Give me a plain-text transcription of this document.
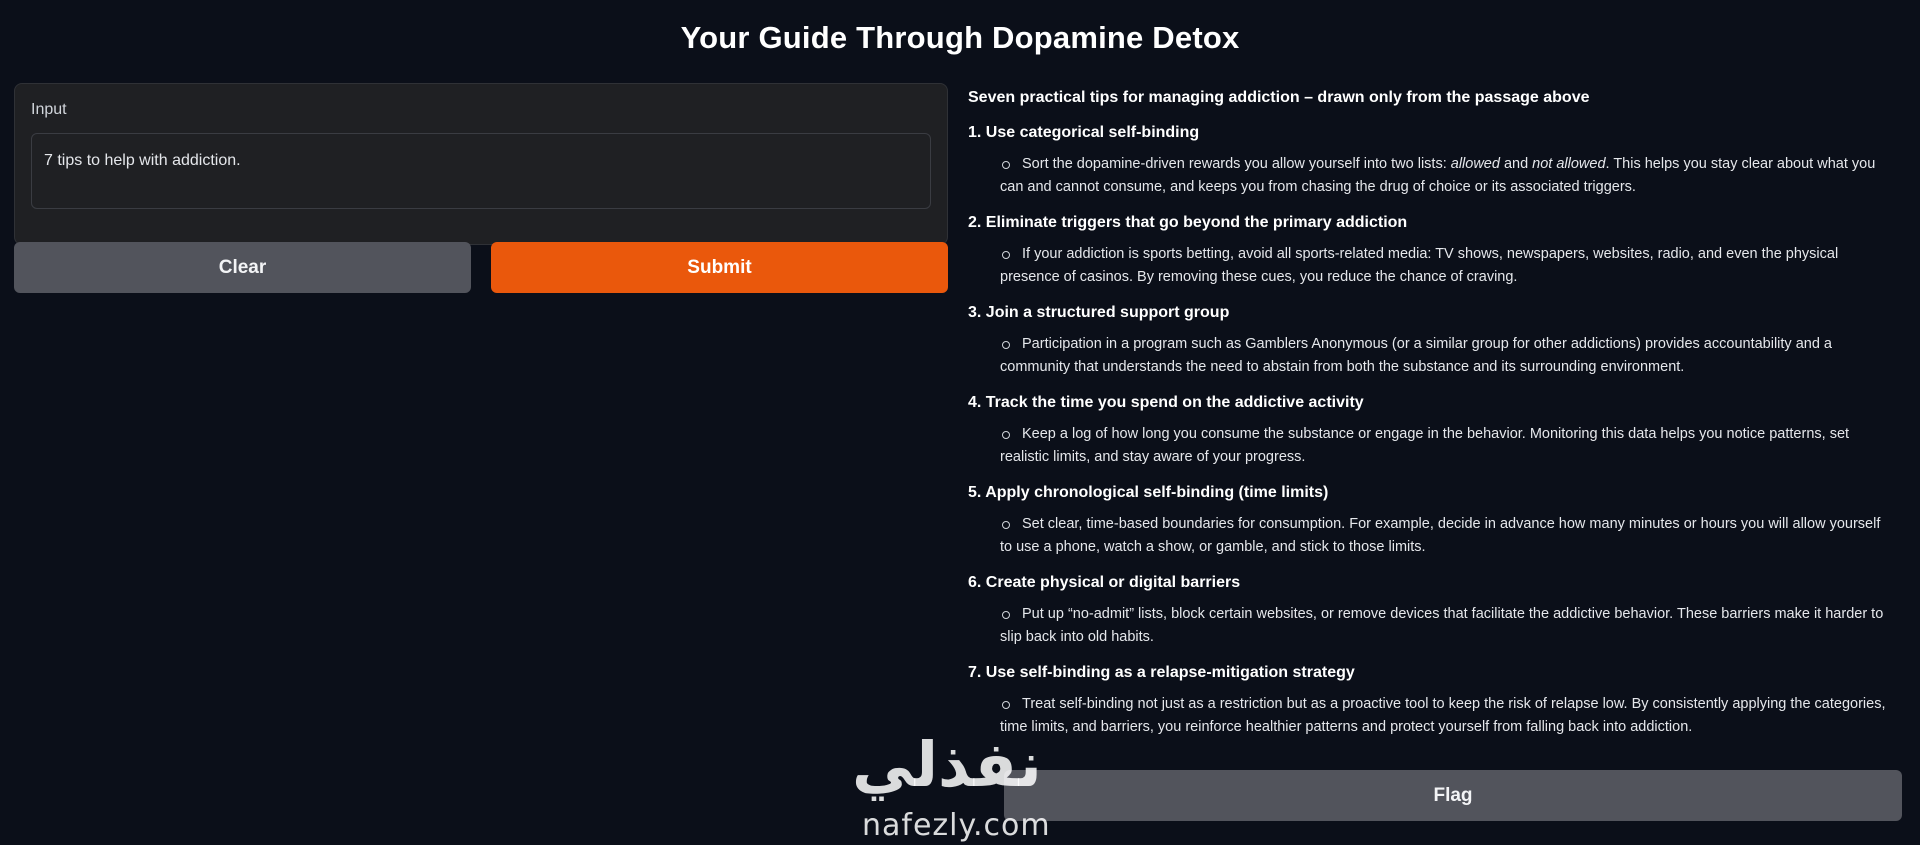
Your Guide Through Dopamine Detox
Input
7 tips to help with addiction.
Clear	Submit
Seven practical tips for managing addiction – drawn only from the passage above
1. Use categorical self-binding
Sort the dopamine-driven rewards you allow yourself into two lists: allowed and not allowed. This helps you stay clear about what you can and cannot consume, and keeps you from chasing the drug of choice or its associated triggers.
2. Eliminate triggers that go beyond the primary addiction
If your addiction is sports betting, avoid all sports-related media: TV shows, newspapers, websites, radio, and even the physical presence of casinos. By removing these cues, you reduce the chance of craving.
3. Join a structured support group
Participation in a program such as Gamblers Anonymous (or a similar group for other addictions) provides accountability and a community that understands the need to abstain from both the substance and its surrounding environment.
4. Track the time you spend on the addictive activity
Keep a log of how long you consume the substance or engage in the behavior. Monitoring this data helps you notice patterns, set realistic limits, and stay aware of your progress.
5. Apply chronological self-binding (time limits)
Set clear, time-based boundaries for consumption. For example, decide in advance how many minutes or hours you will allow yourself to use a phone, watch a show, or gamble, and stick to those limits.
6. Create physical or digital barriers
Put up “no-admit” lists, block certain websites, or remove devices that facilitate the addictive behavior. These barriers make it harder to slip back into old habits.
7. Use self-binding as a relapse-mitigation strategy
Treat self-binding not just as a restriction but as a proactive tool to keep the risk of relapse low. By consistently applying the categories, time limits, and barriers, you reinforce healthier patterns and protect yourself from falling back into addiction.
Flag
نفذلي
nafezly.com
